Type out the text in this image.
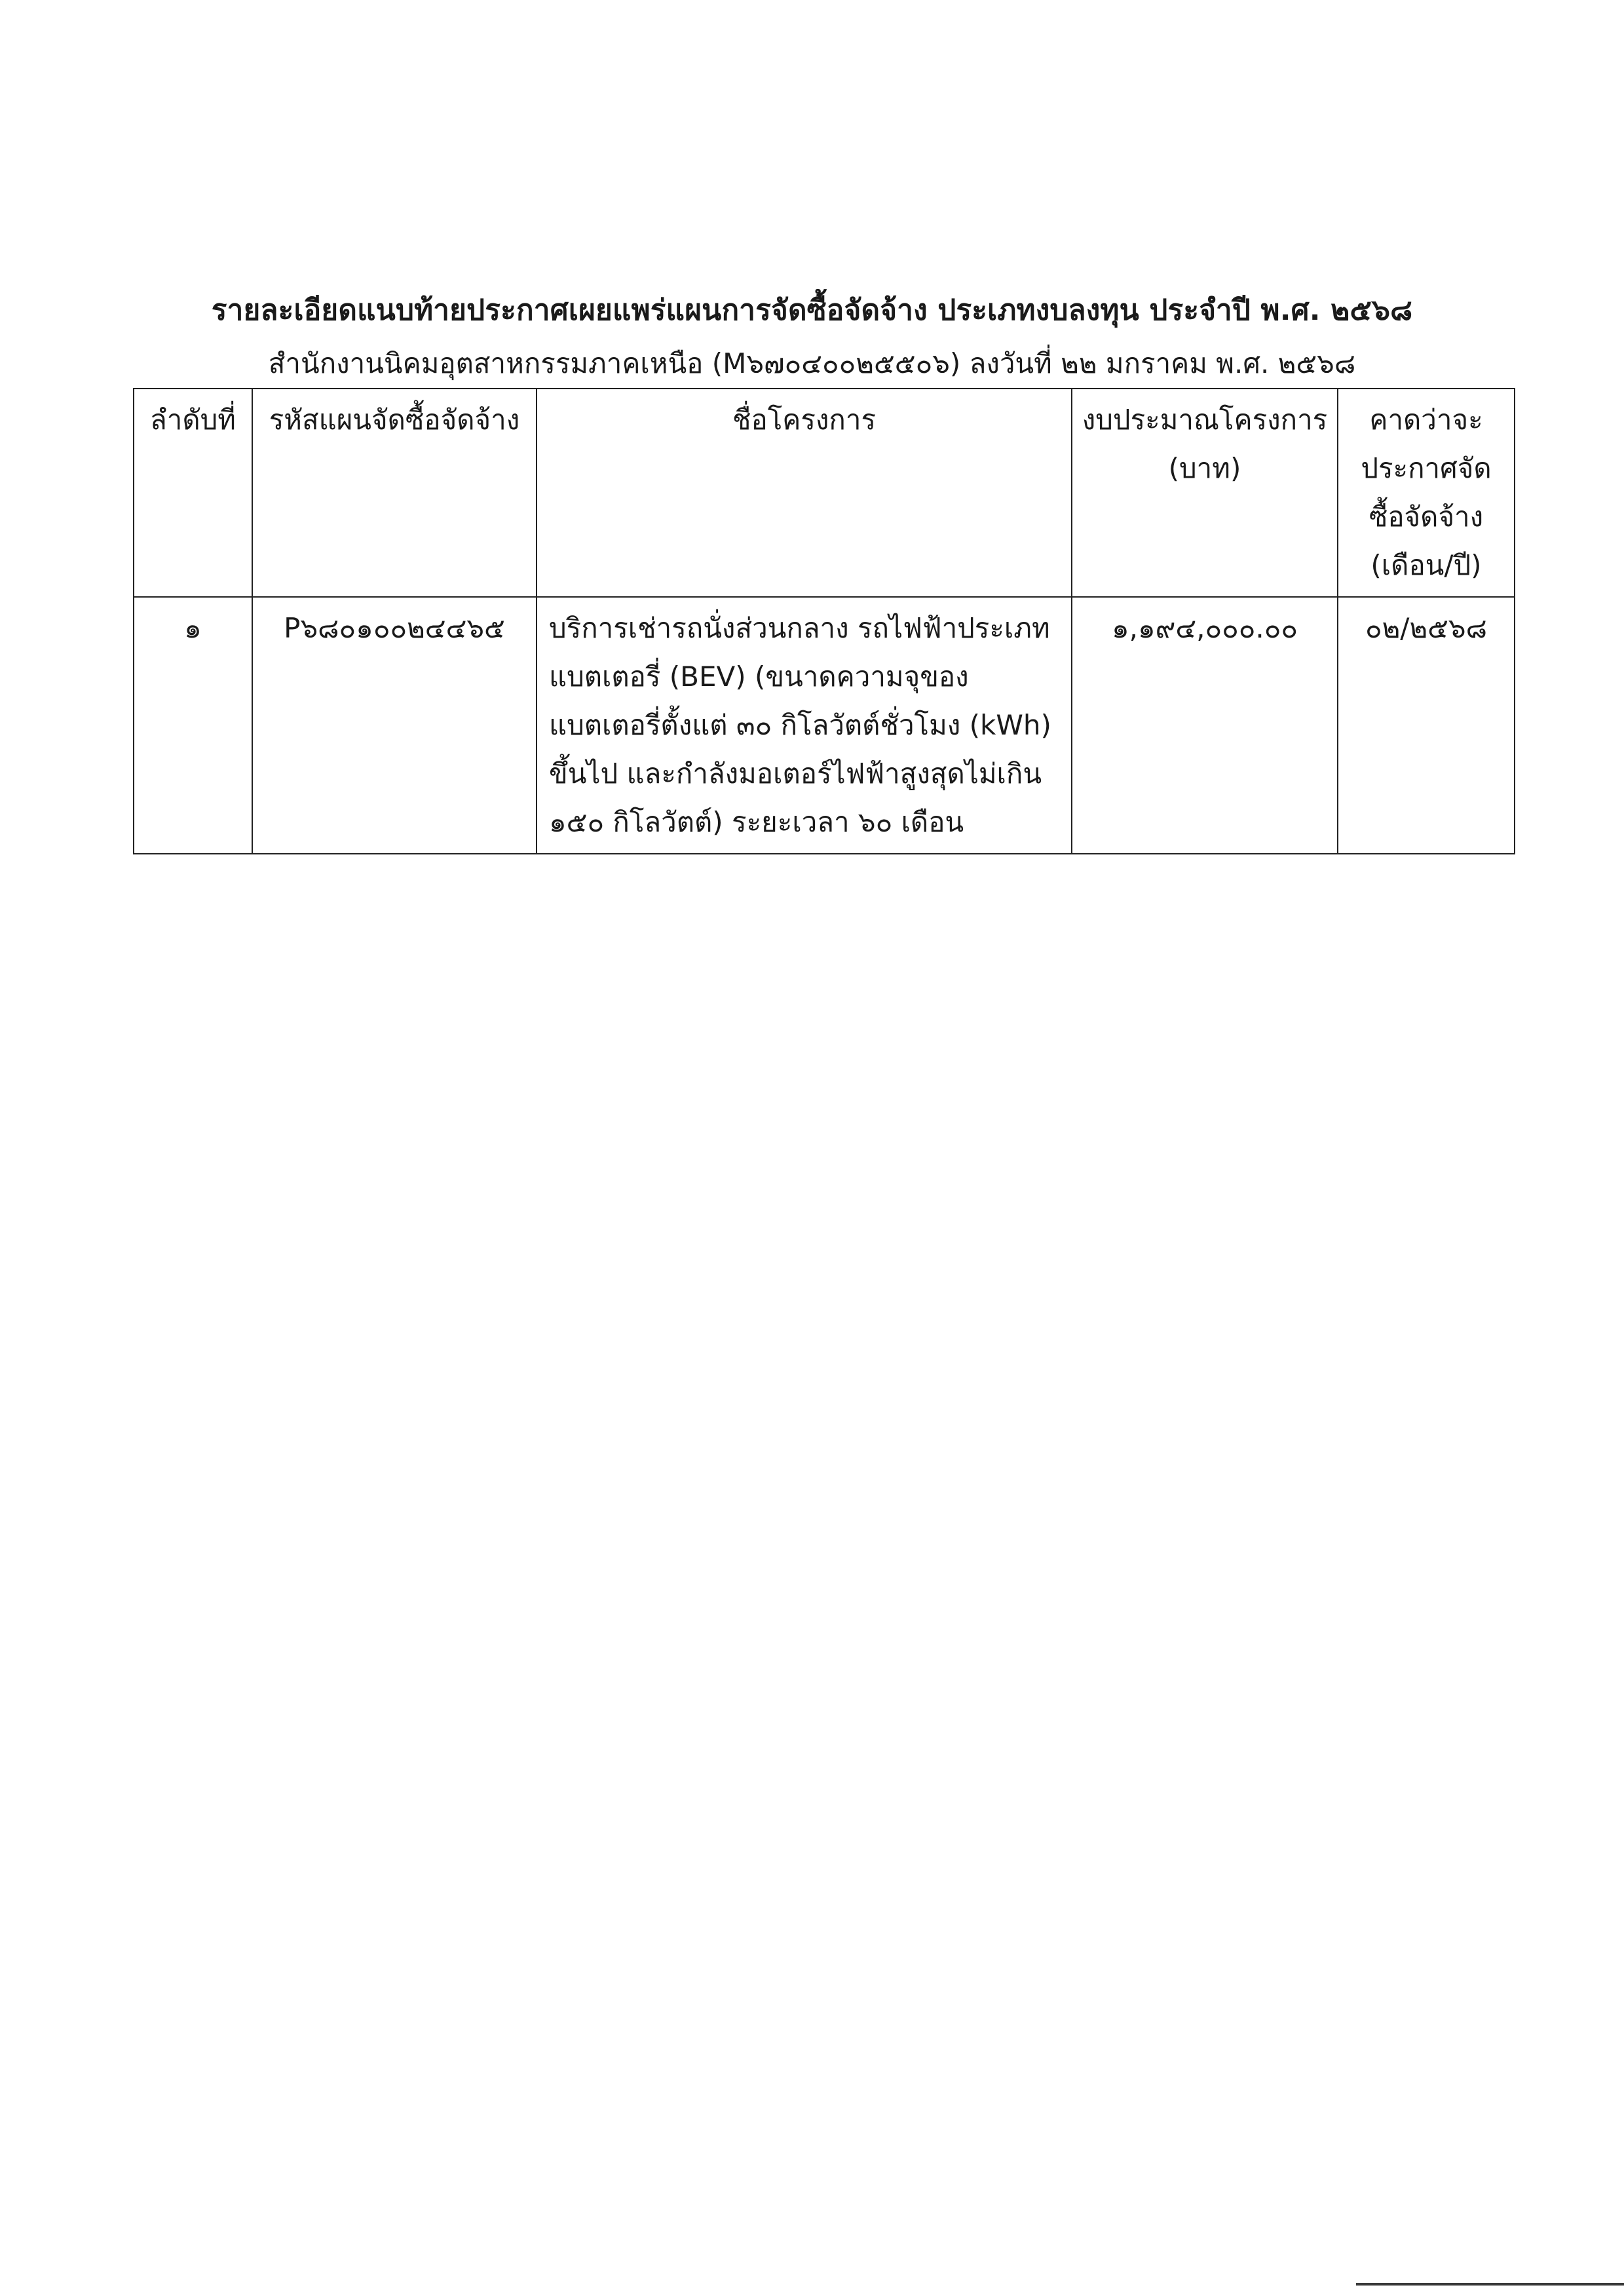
รายละเอียดแนบท้ายประกาศเผยแพร่แผนการจัดซื้อจัดจ้าง ประเภทงบลงทุน ประจำปี พ.ศ. ๒๕๖๘
สำนักงานนิคมอุตสาหกรรมภาคเหนือ (M๖๗๐๔๐๐๒๕๕๐๖) ลงวันที่ ๒๒ มกราคม พ.ศ. ๒๕๖๘
ลำดับที่	รหัสแผนจัดซื้อจัดจ้าง	ชื่อโครงการ	งบประมาณโครงการ (บาท)	คาดว่าจะประกาศจัดซื้อจัดจ้าง (เดือน/ปี)
๑	P๖๘๐๑๐๐๒๔๔๖๕	บริการเช่ารถนั่งส่วนกลาง รถไฟฟ้าประเภทแบตเตอรี่ (BEV) (ขนาดความจุของแบตเตอรี่ตั้งแต่ ๓๐ กิโลวัตต์ชั่วโมง (kWh) ขึ้นไป และกำลังมอเตอร์ไฟฟ้าสูงสุดไม่เกิน ๑๕๐ กิโลวัตต์) ระยะเวลา ๖๐ เดือน	๑,๑๙๔,๐๐๐.๐๐	๐๒/๒๕๖๘
